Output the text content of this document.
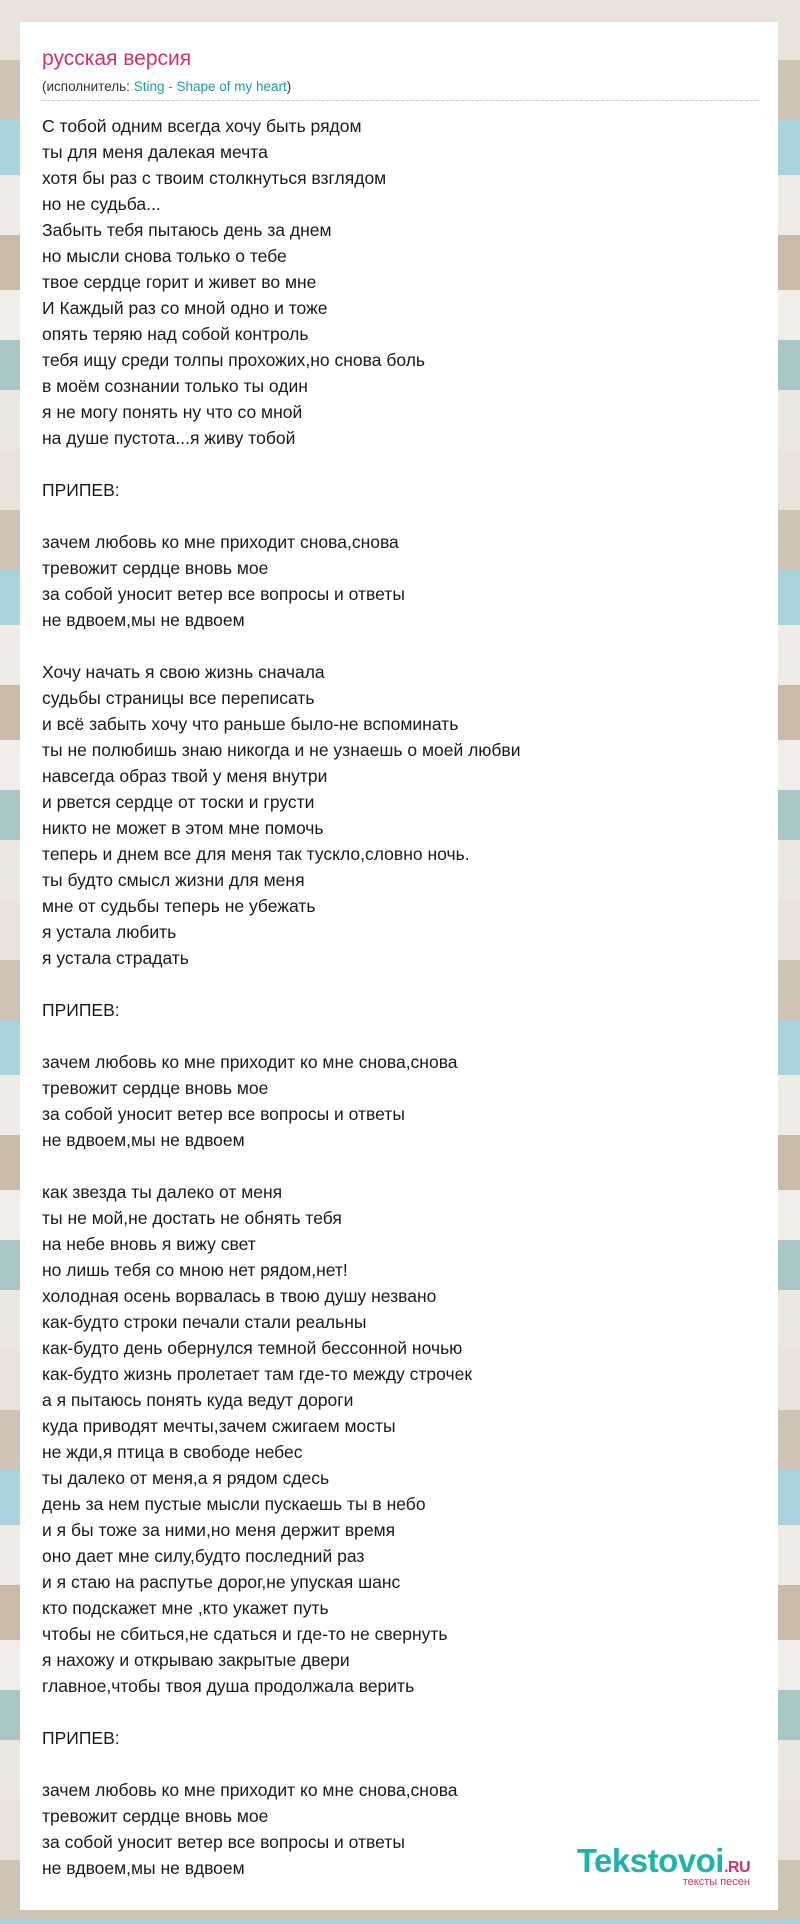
русская версия
(исполнитель: Sting - Shape of my heart)
С тобой одним всегда хочу быть рядом
ты для меня далекая мечта
хотя бы раз с твоим столкнуться взглядом
но не судьба...
Забыть тебя пытаюсь день за днем
но мысли снова только о тебе
твое сердце горит и живет во мне
И Каждый раз со мной одно и тоже
опять теряю над собой контроль
тебя ищу среди толпы прохожих,но снова боль
в моём сознании только ты один
я не могу понять ну что со мной
на душе пустота...я живу тобой
ПРИПЕВ:
зачем любовь ко мне приходит снова,снова
тревожит сердце вновь мое
за собой уносит ветер все вопросы и ответы
не вдвоем,мы не вдвоем
Хочу начать я свою жизнь сначала
судьбы страницы все переписать
и всё забыть хочу что раньше было-не вспоминать
ты не полюбишь знаю никогда и не узнаешь о моей любви
навсегда образ твой у меня внутри
и рвется сердце от тоски и грусти
никто не может в этом мне помочь
теперь и днем все для меня так тускло,словно ночь.
ты будто смысл жизни для меня
мне от судьбы теперь не убежать
я устала любить
я устала страдать
ПРИПЕВ:
зачем любовь ко мне приходит ко мне снова,снова
тревожит сердце вновь мое
за собой уносит ветер все вопросы и ответы
не вдвоем,мы не вдвоем
как звезда ты далеко от меня
ты не мой,не достать не обнять тебя
на небе вновь я вижу свет
но лишь тебя со мною нет рядом,нет!
холодная осень ворвалась в твою душу незвано
как-будто строки печали стали реальны
как-будто день обернулся темной бессонной ночью
как-будто жизнь пролетает там где-то между строчек
а я пытаюсь понять куда ведут дороги
куда приводят мечты,зачем сжигаем мосты
не жди,я птица в свободе небес
ты далеко от меня,а я рядом сдесь
день за нем пустые мысли пускаешь ты в небо
и я бы тоже за ними,но меня держит время
оно дает мне силу,будто последний раз
и я стаю на распутье дорог,не упуская шанс
кто подскажет мне ,кто укажет путь
чтобы не сбиться,не сдаться и где-то не свернуть
я нахожу и открываю закрытые двери
главное,чтобы твоя душа продолжала верить
ПРИПЕВ:
зачем любовь ко мне приходит ко мне снова,снова
тревожит сердце вновь мое
за собой уносит ветер все вопросы и ответы
не вдвоем,мы не вдвоем	Tekstovoi.RU
тексты песен
